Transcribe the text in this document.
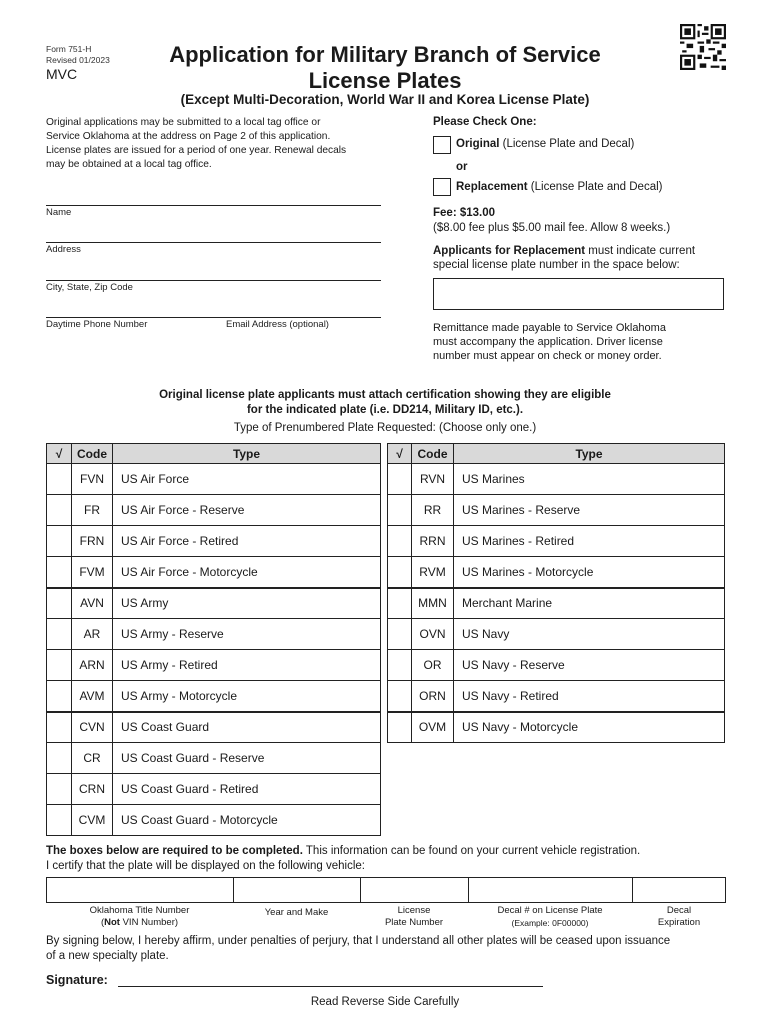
Form 751-H
Revised 01/2023
MVC
Application for Military Branch of Service
License Plates
(Except Multi-Decoration, World War II and Korea License Plate)
Original applications may be submitted to a local tag office or
Service Oklahoma at the address on Page 2 of this application.
License plates are issued for a period of one year. Renewal decals
may be obtained at a local tag office.
Name
Address
City, State, Zip Code
Daytime Phone Number	Email Address (optional)
Please Check One:
Original (License Plate and Decal)
or
Replacement (License Plate and Decal)
Fee: $13.00
($8.00 fee plus $5.00 mail fee. Allow 8 weeks.)
Applicants for Replacement must indicate current special license plate number in the space below:
Remittance made payable to Service Oklahoma
must accompany the application. Driver license
number must appear on check or money order.
Original license plate applicants must attach certification showing they are eligible
for the indicated plate (i.e. DD214, Military ID, etc.).
Type of Prenumbered Plate Requested: (Choose only one.)
√	Code	Type
	FVN	US Air Force
	FR	US Air Force - Reserve
	FRN	US Air Force - Retired
	FVM	US Air Force - Motorcycle
	AVN	US Army
	AR	US Army - Reserve
	ARN	US Army - Retired
	AVM	US Army - Motorcycle
	CVN	US Coast Guard
	CR	US Coast Guard - Reserve
	CRN	US Coast Guard - Retired
	CVM	US Coast Guard - Motorcycle
√	Code	Type
	RVN	US Marines
	RR	US Marines - Reserve
	RRN	US Marines - Retired
	RVM	US Marines - Motorcycle
	MMN	Merchant Marine
	OVN	US Navy
	OR	US Navy - Reserve
	ORN	US Navy - Retired
	OVM	US Navy - Motorcycle
The boxes below are required to be completed. This information can be found on your current vehicle registration.
I certify that the plate will be displayed on the following vehicle:

Oklahoma Title Number
(Not VIN Number)
Year and Make	License
Plate Number
Decal # on License Plate
(Example: 0F00000)
Decal
Expiration
By signing below, I hereby affirm, under penalties of perjury, that I understand all other plates will be ceased upon issuance
of a new specialty plate.
Signature:
Read Reverse Side Carefully
